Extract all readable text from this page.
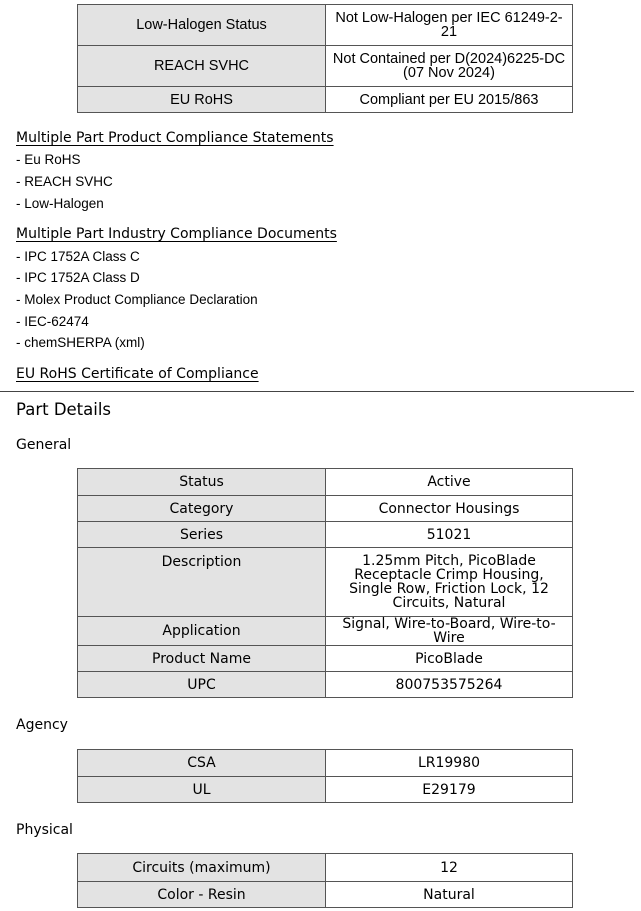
Low-Halogen Status	Not Low-Halogen per IEC 61249-2-21
REACH SVHC	Not Contained per D(2024)6225-DC (07 Nov 2024)
EU RoHS	Compliant per EU 2015/863
Multiple Part Product Compliance Statements
- Eu RoHS
- REACH SVHC
- Low-Halogen
Multiple Part Industry Compliance Documents
- IPC 1752A Class C
- IPC 1752A Class D
- Molex Product Compliance Declaration
- IEC-62474
- chemSHERPA (xml)
EU RoHS Certificate of Compliance
Part Details
General
Status	Active
Category	Connector Housings
Series	51021
Description	1.25mm Pitch, PicoBlade Receptacle Crimp Housing, Single Row, Friction Lock, 12 Circuits, Natural
Application	Signal, Wire-to-Board, Wire-to-Wire
Product Name	PicoBlade
UPC	800753575264
Agency
CSA	LR19980
UL	E29179
Physical
Circuits (maximum)	12
Color - Resin	Natural
